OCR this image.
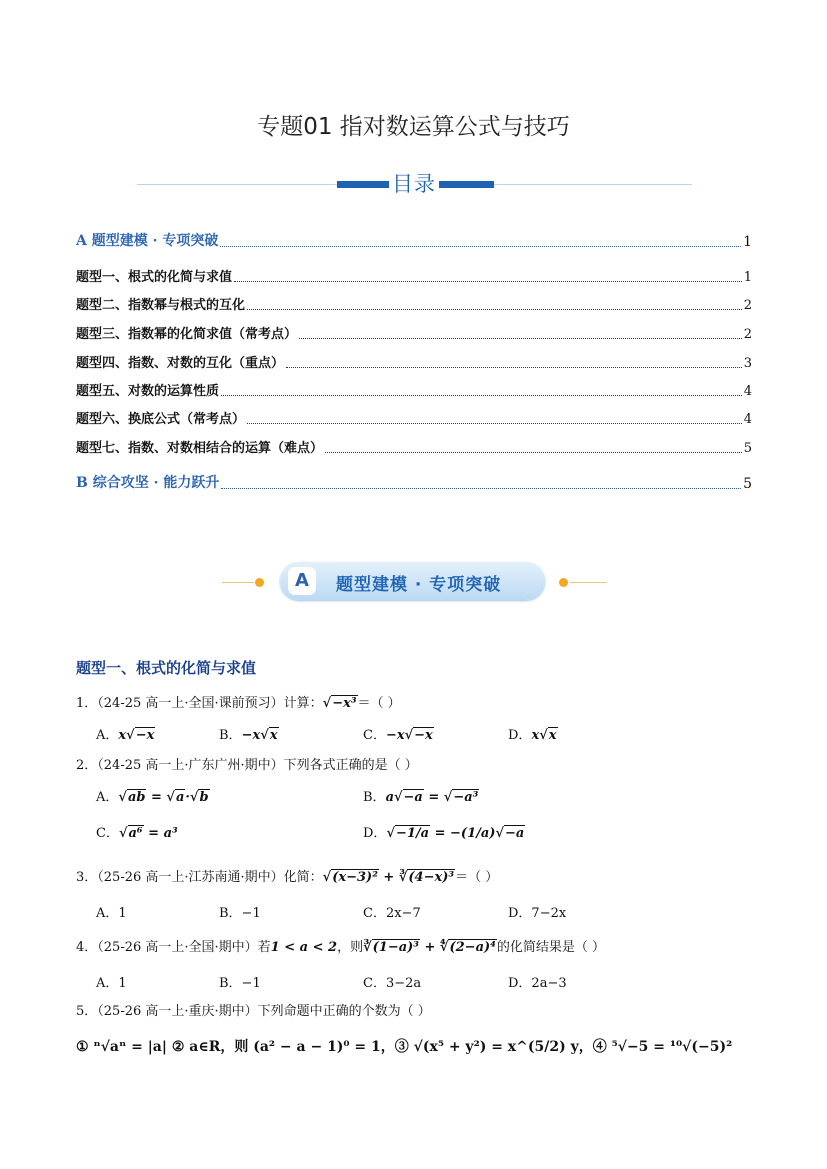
专题01 指对数运算公式与技巧
目录
A 题型建模 · 专项突破	1
题型一、根式的化简与求值	1
题型二、指数幂与根式的互化	2
题型三、指数幂的化简求值（常考点）	2
题型四、指数、对数的互化（重点）	3
题型五、对数的运算性质	4
题型六、换底公式（常考点）	4
题型七、指数、对数相结合的运算（难点）	5
B 综合攻坚 · 能力跃升	5
A	题型建模 · 专项突破
题型一、根式的化简与求值
1．（24-25 高一上·全国·课前预习）计算：√−x³＝（ ）
A．x√−x	B．−x√x	C．−x√−x	D．x√x
2．（24-25 高一上·广东广州·期中）下列各式正确的是（ ）
A．√ab = √a·√b	B．a√−a = √−a³
C．√a⁶ = a³	D．√−1/a = −(1/a)√−a
3．（25-26 高一上·江苏南通·期中）化简：√(x−3)² + ∛(4−x)³＝（ ）
A．1	B．−1	C．2x−7	D．7−2x
4．（25-26 高一上·全国·期中）若1 < a < 2，则∛(1−a)³ + ∜(2−a)⁴的化简结果是（ ）
A．1	B．−1	C．3−2a	D．2a−3
5．（25-26 高一上·重庆·期中）下列命题中正确的个数为（ ）
① ⁿ√aⁿ = |a| ② a∈R，则 (a² − a − 1)⁰ = 1，③ √(x⁵ + y²) = x^(5/2) y，④ ⁵√−5 = ¹⁰√(−5)²
